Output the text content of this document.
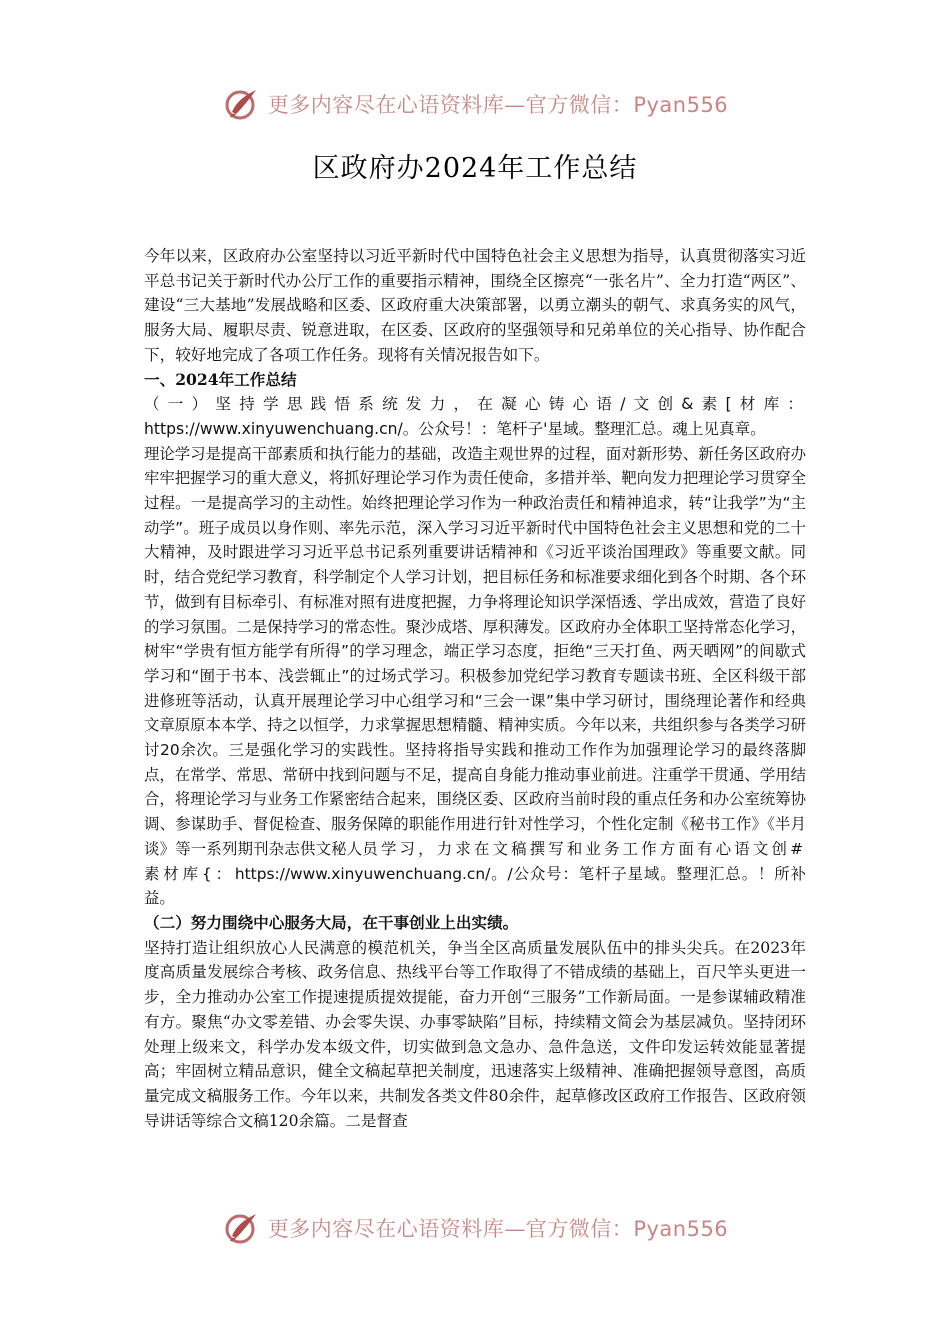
更多内容尽在心语资料库—官方微信：Pyan556
区政府办2024年工作总结

今年以来，区政府办公室坚持以习近平新时代中国特色社会主义思想为指导，认真贯彻落实习近平总书记关于新时代办公厅工作的重要指示精神，围绕全区擦亮“一张名片”、全力打造“两区”、建设“三大基地”发展战略和区委、区政府重大决策部署，以勇立潮头的朝气、求真务实的风气，服务大局、履职尽责、锐意进取，在区委、区政府的坚强领导和兄弟单位的关心指导、协作配合下，较好地完成了各项工作任务。现将有关情况报告如下。

一、2024年工作总结

（一）坚持学思践悟系统发力，在凝心铸心语/文创&素[材库：https://www.xinyuwenchuang.cn/。公众号！：笔杆子'星域。整理汇总。魂上见真章。

理论学习是提高干部素质和执行能力的基础，改造主观世界的过程，面对新形势、新任务区政府办牢牢把握学习的重大意义，将抓好理论学习作为责任使命，多措并举、靶向发力把理论学习贯穿全过程。一是提高学习的主动性。始终把理论学习作为一种政治责任和精神追求，转“让我学”为“主动学”。班子成员以身作则、率先示范，深入学习习近平新时代中国特色社会主义思想和党的二十大精神，及时跟进学习习近平总书记系列重要讲话精神和《习近平谈治国理政》等重要文献。同时，结合党纪学习教育，科学制定个人学习计划，把目标任务和标准要求细化到各个时期、各个环节，做到有目标牵引、有标准对照有进度把握，力争将理论知识学深悟透、学出成效，营造了良好的学习氛围。二是保持学习的常态性。聚沙成塔、厚积薄发。区政府办全体职工坚持常态化学习，树牢“学贵有恒方能学有所得”的学习理念，端正学习态度，拒绝“三天打鱼、两天晒网”的间歇式学习和“囿于书本、浅尝辄止”的过场式学习。积极参加党纪学习教育专题读书班、全区科级干部进修班等活动，认真开展理论学习中心组学习和“三会一课”集中学习研讨，围绕理论著作和经典文章原原本本学、持之以恒学，力求掌握思想精髓、精神实质。今年以来，共组织参与各类学习研讨20余次。三是强化学习的实践性。坚持将指导实践和推动工作作为加强理论学习的最终落脚点，在常学、常思、常研中找到问题与不足，提高自身能力推动事业前进。注重学干贯通、学用结合，将理论学习与业务工作紧密结合起来，围绕区委、区政府当前时段的重点任务和办公室统筹协调、参谋助手、督促检查、服务保障的职能作用进行针对性学习，个性化定制《秘书工作》《半月谈》等一系列期刊杂志供文秘人员学习，力求在文稿撰写和业务工作方面有心语文创#素材库{：https://www.xinyuwenchuang.cn/。/公众号：笔杆子星域。整理汇总。！所补益。

（二）努力围绕中心服务大局，在干事创业上出实绩。

坚持打造让组织放心人民满意的模范机关，争当全区高质量发展队伍中的排头尖兵。在2023年度高质量发展综合考核、政务信息、热线平台等工作取得了不错成绩的基础上，百尺竿头更进一步，全力推动办公室工作提速提质提效提能，奋力开创“三服务”工作新局面。一是参谋辅政精准有方。聚焦“办文零差错、办会零失误、办事零缺陷”目标，持续精文简会为基层减负。坚持闭环处理上级来文，科学办发本级文件，切实做到急文急办、急件急送，文件印发运转效能显著提高；牢固树立精品意识，健全文稿起草把关制度，迅速落实上级精神、准确把握领导意图，高质量完成文稿服务工作。今年以来，共制发各类文件80余件，起草修改区政府工作报告、区政府领导讲话等综合文稿120余篇。二是督查

更多内容尽在心语资料库—官方微信：Pyan556
